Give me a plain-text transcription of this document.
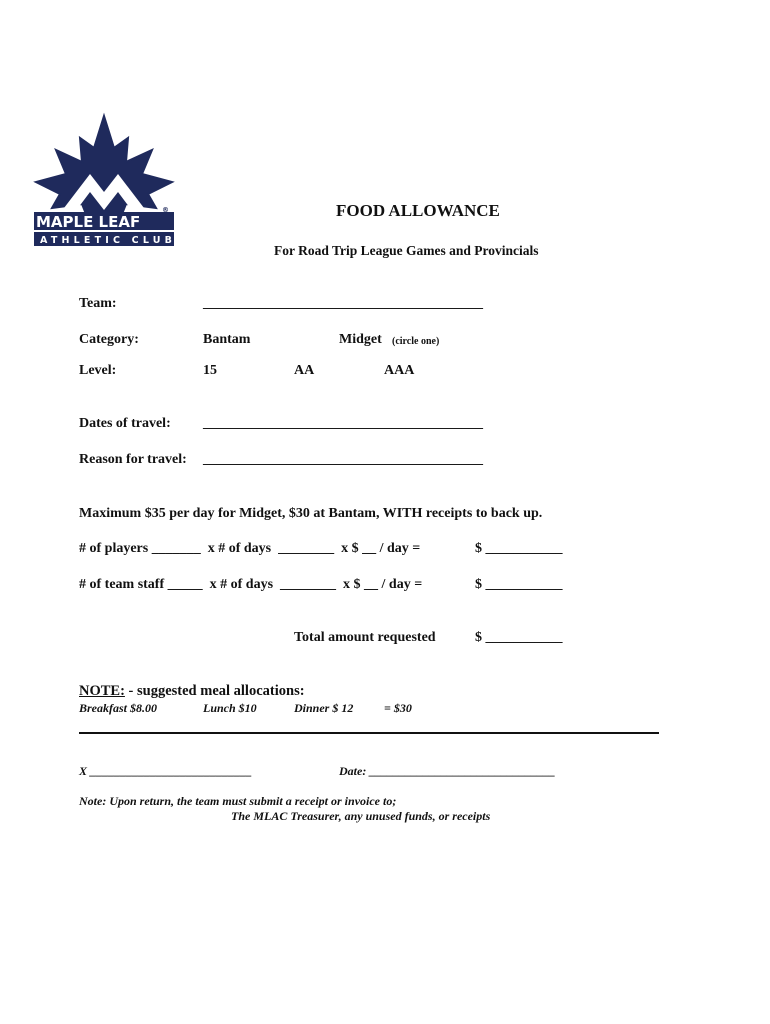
MAPLE LEAF
ATHLETIC CLUB
®	FOOD ALLOWANCE
For Road Trip League Games and Provincials
Team:	________________________________________
Category:	Bantam	Midget (circle one)
Level:	15	AA	AAA
Dates of travel: ________________________________________
Reason for travel: ________________________________________
Maximum $35 per day for Midget, $30 at Bantam, WITH receipts to back up.
# of players _______  x # of days  ________  x $ __ / day =	$ ___________
# of team staff _____  x # of days  ________  x $ __ / day =	$ ___________
Total amount requested	$ ___________
NOTE: - suggested meal allocations:
Breakfast $8.00	Lunch $10	Dinner $ 12	= $30
X ___________________________	Date: _______________________________
Note: Upon return, the team must submit a receipt or invoice to;
The MLAC Treasurer, any unused funds, or receipts
